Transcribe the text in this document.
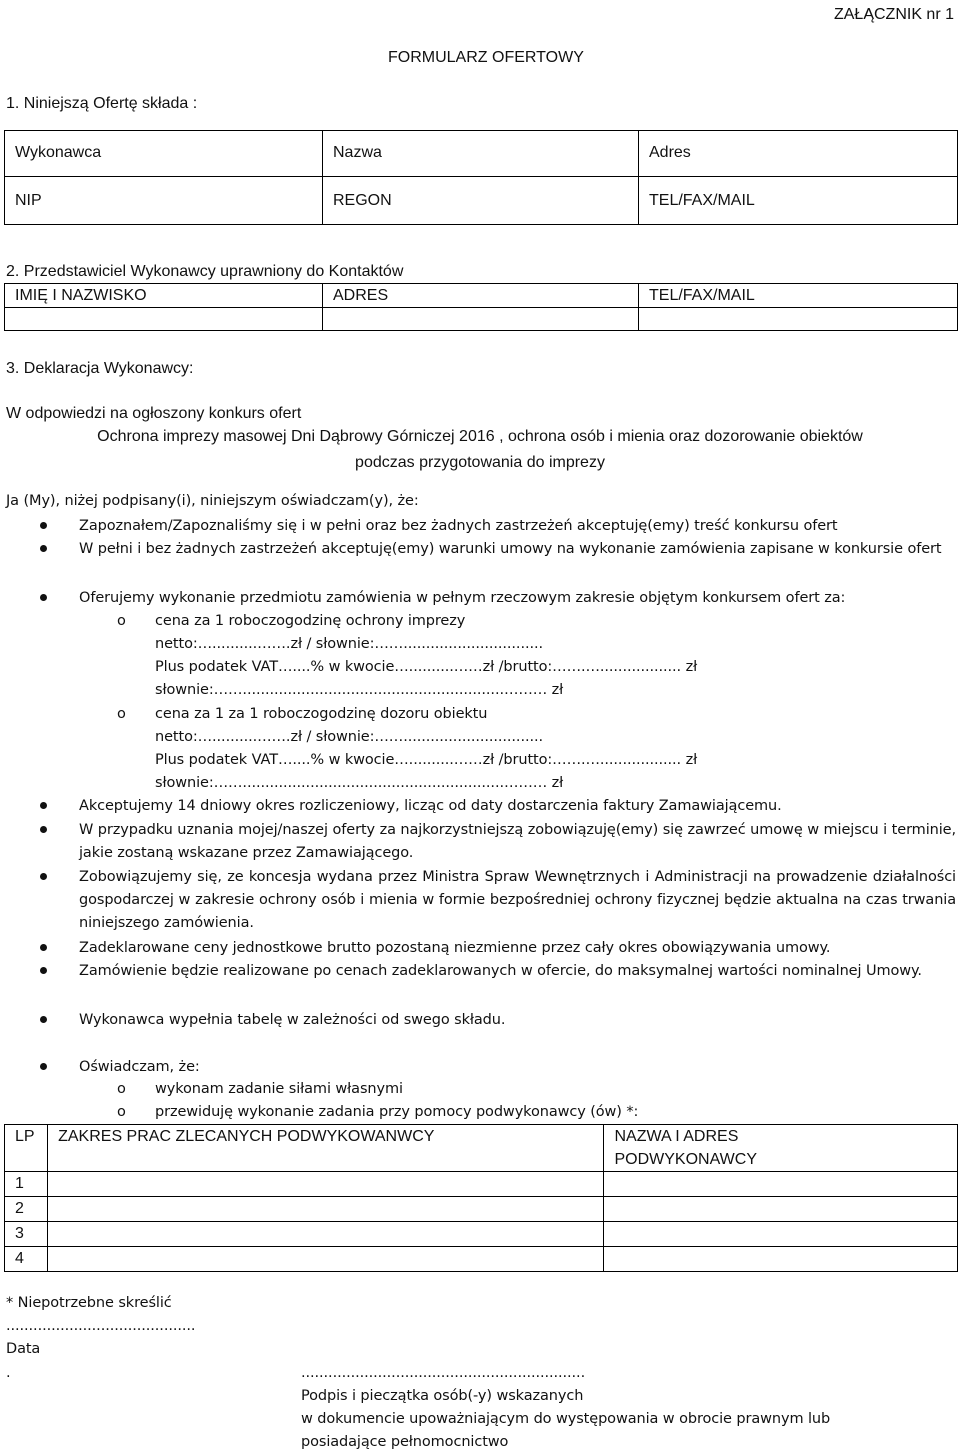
ZAŁĄCZNIK nr 1
FORMULARZ OFERTOWY
1. Niniejszą Ofertę składa :
Wykonawca	Nazwa	Adres
NIP	REGON	TEL/FAX/MAIL
2. Przedstawiciel Wykonawcy uprawniony do Kontaktów
IMIĘ I NAZWISKO	ADRES	TEL/FAX/MAIL

3. Deklaracja Wykonawcy:
W odpowiedzi na ogłoszony konkurs ofert
Ochrona imprezy masowej Dni Dąbrowy Górniczej 2016 , ochrona osób i mienia oraz dozorowanie obiektów
podczas przygotowania do imprezy
Ja (My), niżej podpisany(i), niniejszym oświadczam(y), że:
Zapoznałem/Zapoznaliśmy się i w pełni oraz bez żadnych zastrzeżeń akceptuję(emy) treść konkursu ofert
W pełni i bez żadnych zastrzeżeń akceptuję(emy) warunki umowy na wykonanie zamówienia zapisane w konkursie ofert
Oferujemy wykonanie przedmiotu zamówienia w pełnym rzeczowym zakresie objętym konkursem ofert za:
o cena za 1 roboczogodzinę ochrony imprezy
netto:…..........…….zł / słownie:……...............................
Plus podatek VAT…....% w kwocie…..........……zł /brutto:…….….................. zł
słownie:……..........................................................……… zł
o cena za 1 za 1 roboczogodzinę dozoru obiektu
netto:…..........…….zł / słownie:……...............................
Plus podatek VAT…....% w kwocie…..........……zł /brutto:…….….................. zł
słownie:……..........................................................……… zł
Akceptujemy 14 dniowy okres rozliczeniowy, licząc od daty dostarczenia faktury Zamawiającemu.
W przypadku uznania mojej/naszej oferty za najkorzystniejszą zobowiązuję(emy) się zawrzeć umowę w miejscu i terminie, jakie zostaną wskazane przez Zamawiającego.
Zobowiązujemy się, ze koncesja wydana przez Ministra Spraw Wewnętrznych i Administracji na prowadzenie działalności gospodarczej w zakresie ochrony osób i mienia w formie bezpośredniej ochrony fizycznej będzie aktualna na czas trwania niniejszego zamówienia.
Zadeklarowane ceny jednostkowe brutto pozostaną niezmienne przez cały okres obowiązywania umowy.
Zamówienie będzie realizowane po cenach zadeklarowanych w ofercie, do maksymalnej wartości nominalnej Umowy.
Wykonawca wypełnia tabelę w zależności od swego składu.
Oświadczam, że:
o wykonam zadanie siłami własnymi
o przewiduję wykonanie zadania przy pomocy podwykonawcy (ów) *:
LP	ZAKRES PRAC ZLECANYCH PODWYKOWANWCY	NAZWA I ADRES PODWYKONAWCY
1		
2		
3		
4		
* Niepotrzebne skreślić
..........................................
Data
.	...............................................................
Podpis i pieczątka osób(-y) wskazanych
w dokumencie upoważniającym do występowania w obrocie prawnym lub
posiadające pełnomocnictwo
